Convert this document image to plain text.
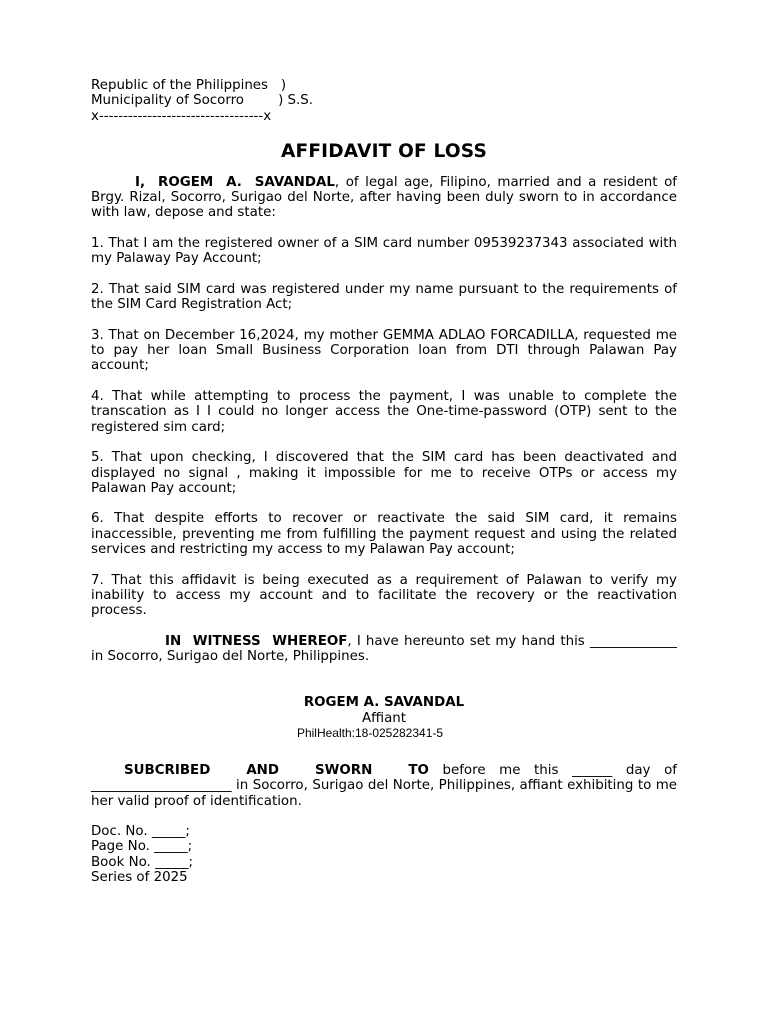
Republic of the Philippines )
Municipality of Socorro	) S.S.
x----------------------------------x
AFFIDAVIT OF LOSS

I, ROGEM A. SAVANDAL, of legal age, Filipino, married and a resident of Brgy. Rizal, Socorro, Surigao del Norte, after having been duly sworn to in accordance with law, depose and state:

1. That I am the registered owner of a SIM card number 09539237343 associated with my Palaway Pay Account;

2. That said SIM card was registered under my name pursuant to the requirements of the SIM Card Registration Act;

3. That on December 16,2024, my mother GEMMA ADLAO FORCADILLA, requested me to pay her loan Small Business Corporation loan from DTI through Palawan Pay account;

4. That while attempting to process the payment, I was unable to complete the transcation as I I could no longer access the One-time-password (OTP) sent to the registered sim card;

5. That upon checking, I discovered that the SIM card has been deactivated and displayed no signal , making it impossible for me to receive OTPs or access my Palawan Pay account;

6. That despite efforts to recover or reactivate the said SIM card, it remains inaccessible, preventing me from fulfilling the payment request and using the related services and restricting my access to my Palawan Pay account;

7. That this affidavit is being executed as a requirement of Palawan to verify my inability to access my account and to facilitate the recovery or the reactivation process.

IN WITNESS WHEREOF, I have hereunto set my hand this _____________ in Socorro, Surigao del Norte, Philippines.

ROGEM A. SAVANDAL
Affiant
PhilHealth:18-025282341-5

SUBCRIBED AND SWORN TO before me this ______ day of _____________________ in Socorro, Surigao del Norte, Philippines, affiant exhibiting to me her valid proof of identification.

Doc. No. _____;
Page No. _____;
Book No. _____;
Series of 2025
